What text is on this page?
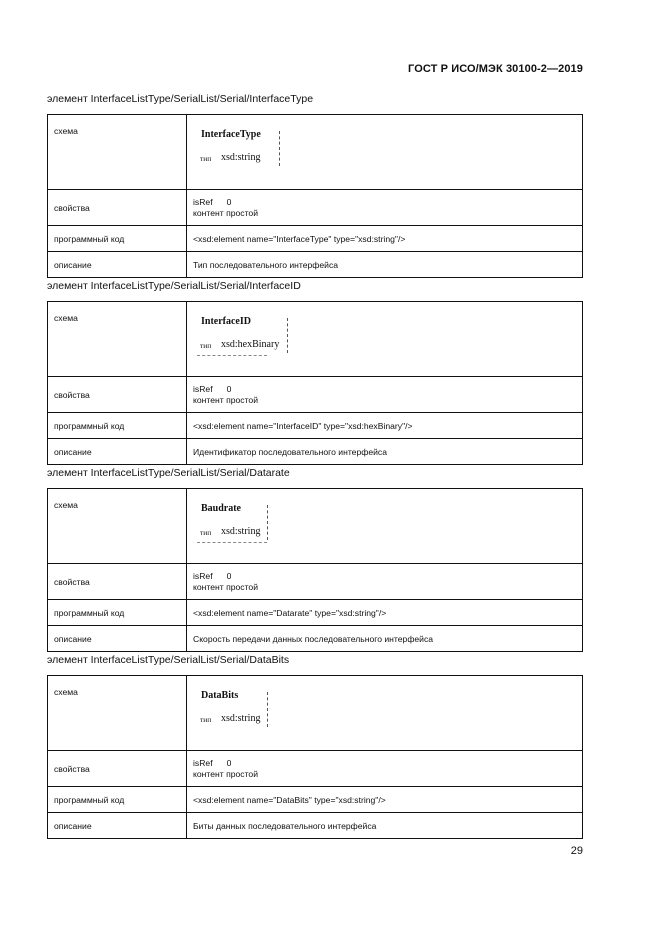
ГОСТ Р ИСО/МЭК 30100-2—2019
элемент InterfaceListType/SerialList/Serial/InterfaceType
схема	InterfaceType
тип xsd:string

свойства	isRef 0
контент простой

программный код	<xsd:element name="InterfaceType" type="xsd:string"/>
описание	Тип последовательного интерфейса
элемент InterfaceListType/SerialList/Serial/InterfaceID
схема	InterfaceID
тип xsd:hexBinary

свойства	isRef 0
контент простой

программный код	<xsd:element name="InterfaceID" type="xsd:hexBinary"/>
описание	Идентификатор последовательного интерфейса
элемент InterfaceListType/SerialList/Serial/Datarate
схема	Baudrate
тип xsd:string

свойства	isRef 0
контент простой

программный код	<xsd:element name="Datarate" type="xsd:string"/>
описание	Скорость передачи данных последовательного интерфейса
элемент InterfaceListType/SerialList/Serial/DataBits
схема	DataBits
тип xsd:string

свойства	isRef 0
контент простой

программный код	<xsd:element name="DataBits" type="xsd:string"/>
описание	Биты данных последовательного интерфейса
29
